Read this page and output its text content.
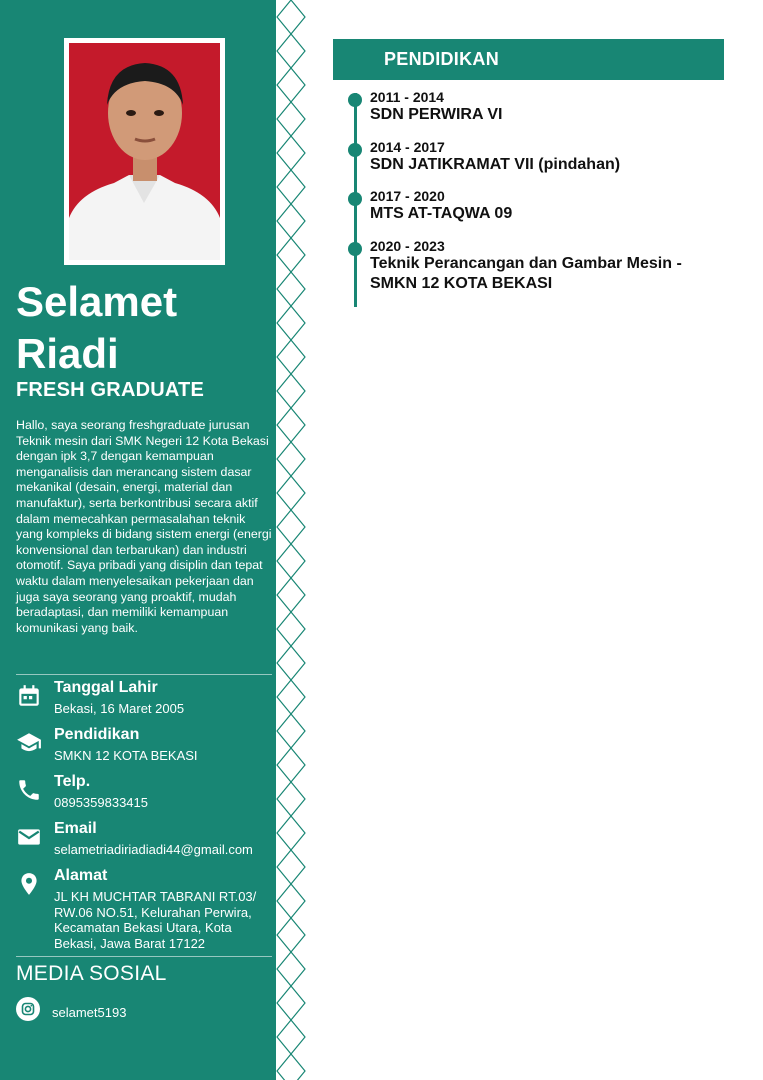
Selamet
Riadi
FRESH GRADUATE
Hallo, saya seorang freshgraduate jurusan Teknik mesin dari SMK Negeri 12 Kota Bekasi dengan ipk 3,7 dengan kemampuan menganalisis dan merancang sistem dasar mekanikal (desain, energi, material dan manufaktur), serta berkontribusi secara aktif dalam memecahkan permasalahan teknik yang kompleks di bidang sistem energi (energi konvensional dan terbarukan) dan industri otomotif. Saya pribadi yang disiplin dan tepat waktu dalam menyelesaikan pekerjaan dan juga saya seorang yang proaktif, mudah beradaptasi, dan memiliki kemampuan komunikasi yang baik.
Tanggal Lahir
Bekasi, 16 Maret 2005
Pendidikan
SMKN 12 KOTA BEKASI
Telp.
0895359833415
Email
selametriadiriadiadi44@gmail.com
Alamat
JL KH MUCHTAR TABRANI RT.03/ RW.06 NO.51, Kelurahan Perwira, Kecamatan Bekasi Utara, Kota Bekasi, Jawa Barat 17122
MEDIA SOSIAL
selamet5193
PENDIDIKAN
2011 - 2014
SDN PERWIRA VI
2014 - 2017
SDN JATIKRAMAT VII (pindahan)
2017 - 2020
MTS AT-TAQWA 09
2020 - 2023
Teknik Perancangan dan Gambar Mesin - SMKN 12 KOTA BEKASI
